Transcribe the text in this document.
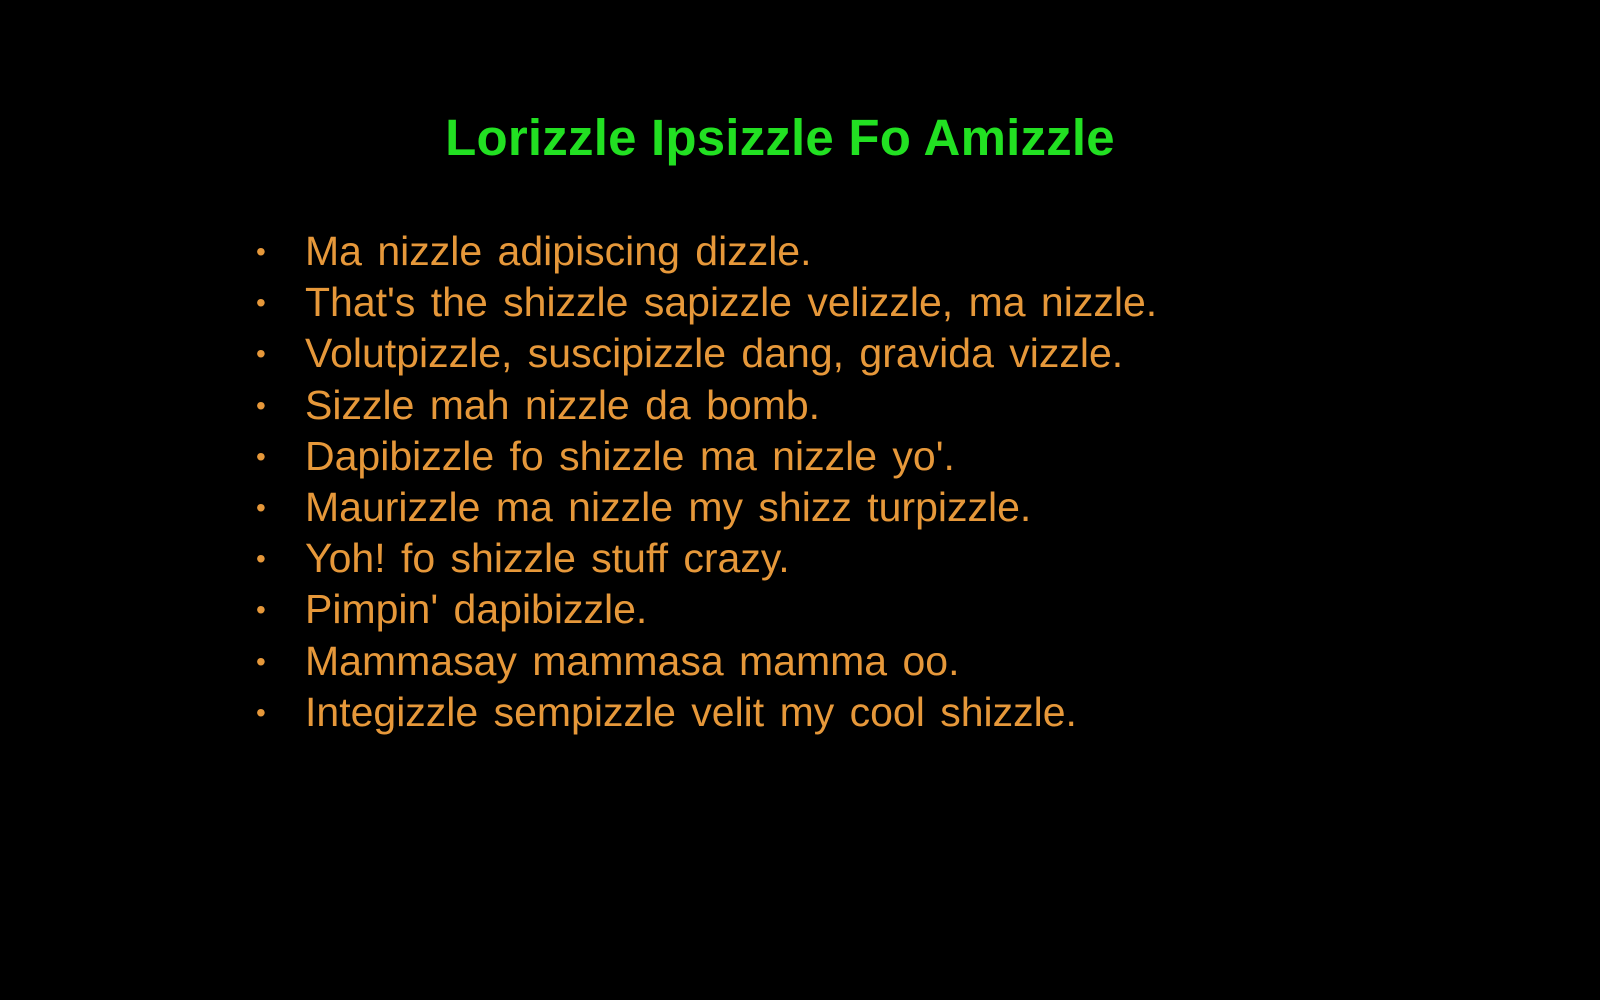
Lorizzle Ipsizzle Fo Amizzle
• Ma nizzle adipiscing dizzle.
• That's the shizzle sapizzle velizzle, ma nizzle.
• Volutpizzle, suscipizzle dang, gravida vizzle.
• Sizzle mah nizzle da bomb.
• Dapibizzle fo shizzle ma nizzle yo'.
• Maurizzle ma nizzle my shizz turpizzle.
• Yoh! fo shizzle stuff crazy.
• Pimpin' dapibizzle.
• Mammasay mammasa mamma oo.
• Integizzle sempizzle velit my cool shizzle.
